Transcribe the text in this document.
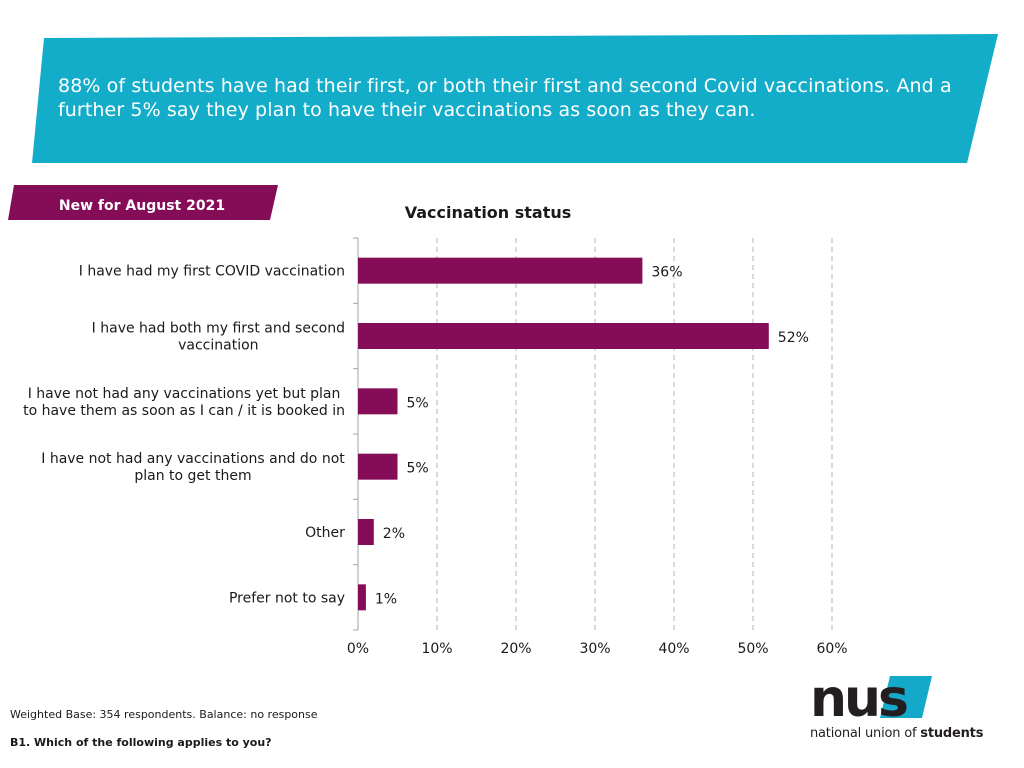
88% of students have had their first, or both their first and second Covid vaccinations. And a further 5% say they plan to have their vaccinations as soon as they can.
New for August 2021	Vaccination status
0%	10%	20%	30%	40%	50%	60%
36%
I have had my first COVID vaccination
52%
I have had both my first and second vaccination
5%
I have not had any vaccinations yet but plan to have them as soon as I can / it is booked in
5%
I have not had any vaccinations and do not plan to get them
2%
Other
1%
Prefer not to say
Weighted Base: 354 respondents. Balance: no response
B1. Which of the following applies to you?
nus
national union of students
